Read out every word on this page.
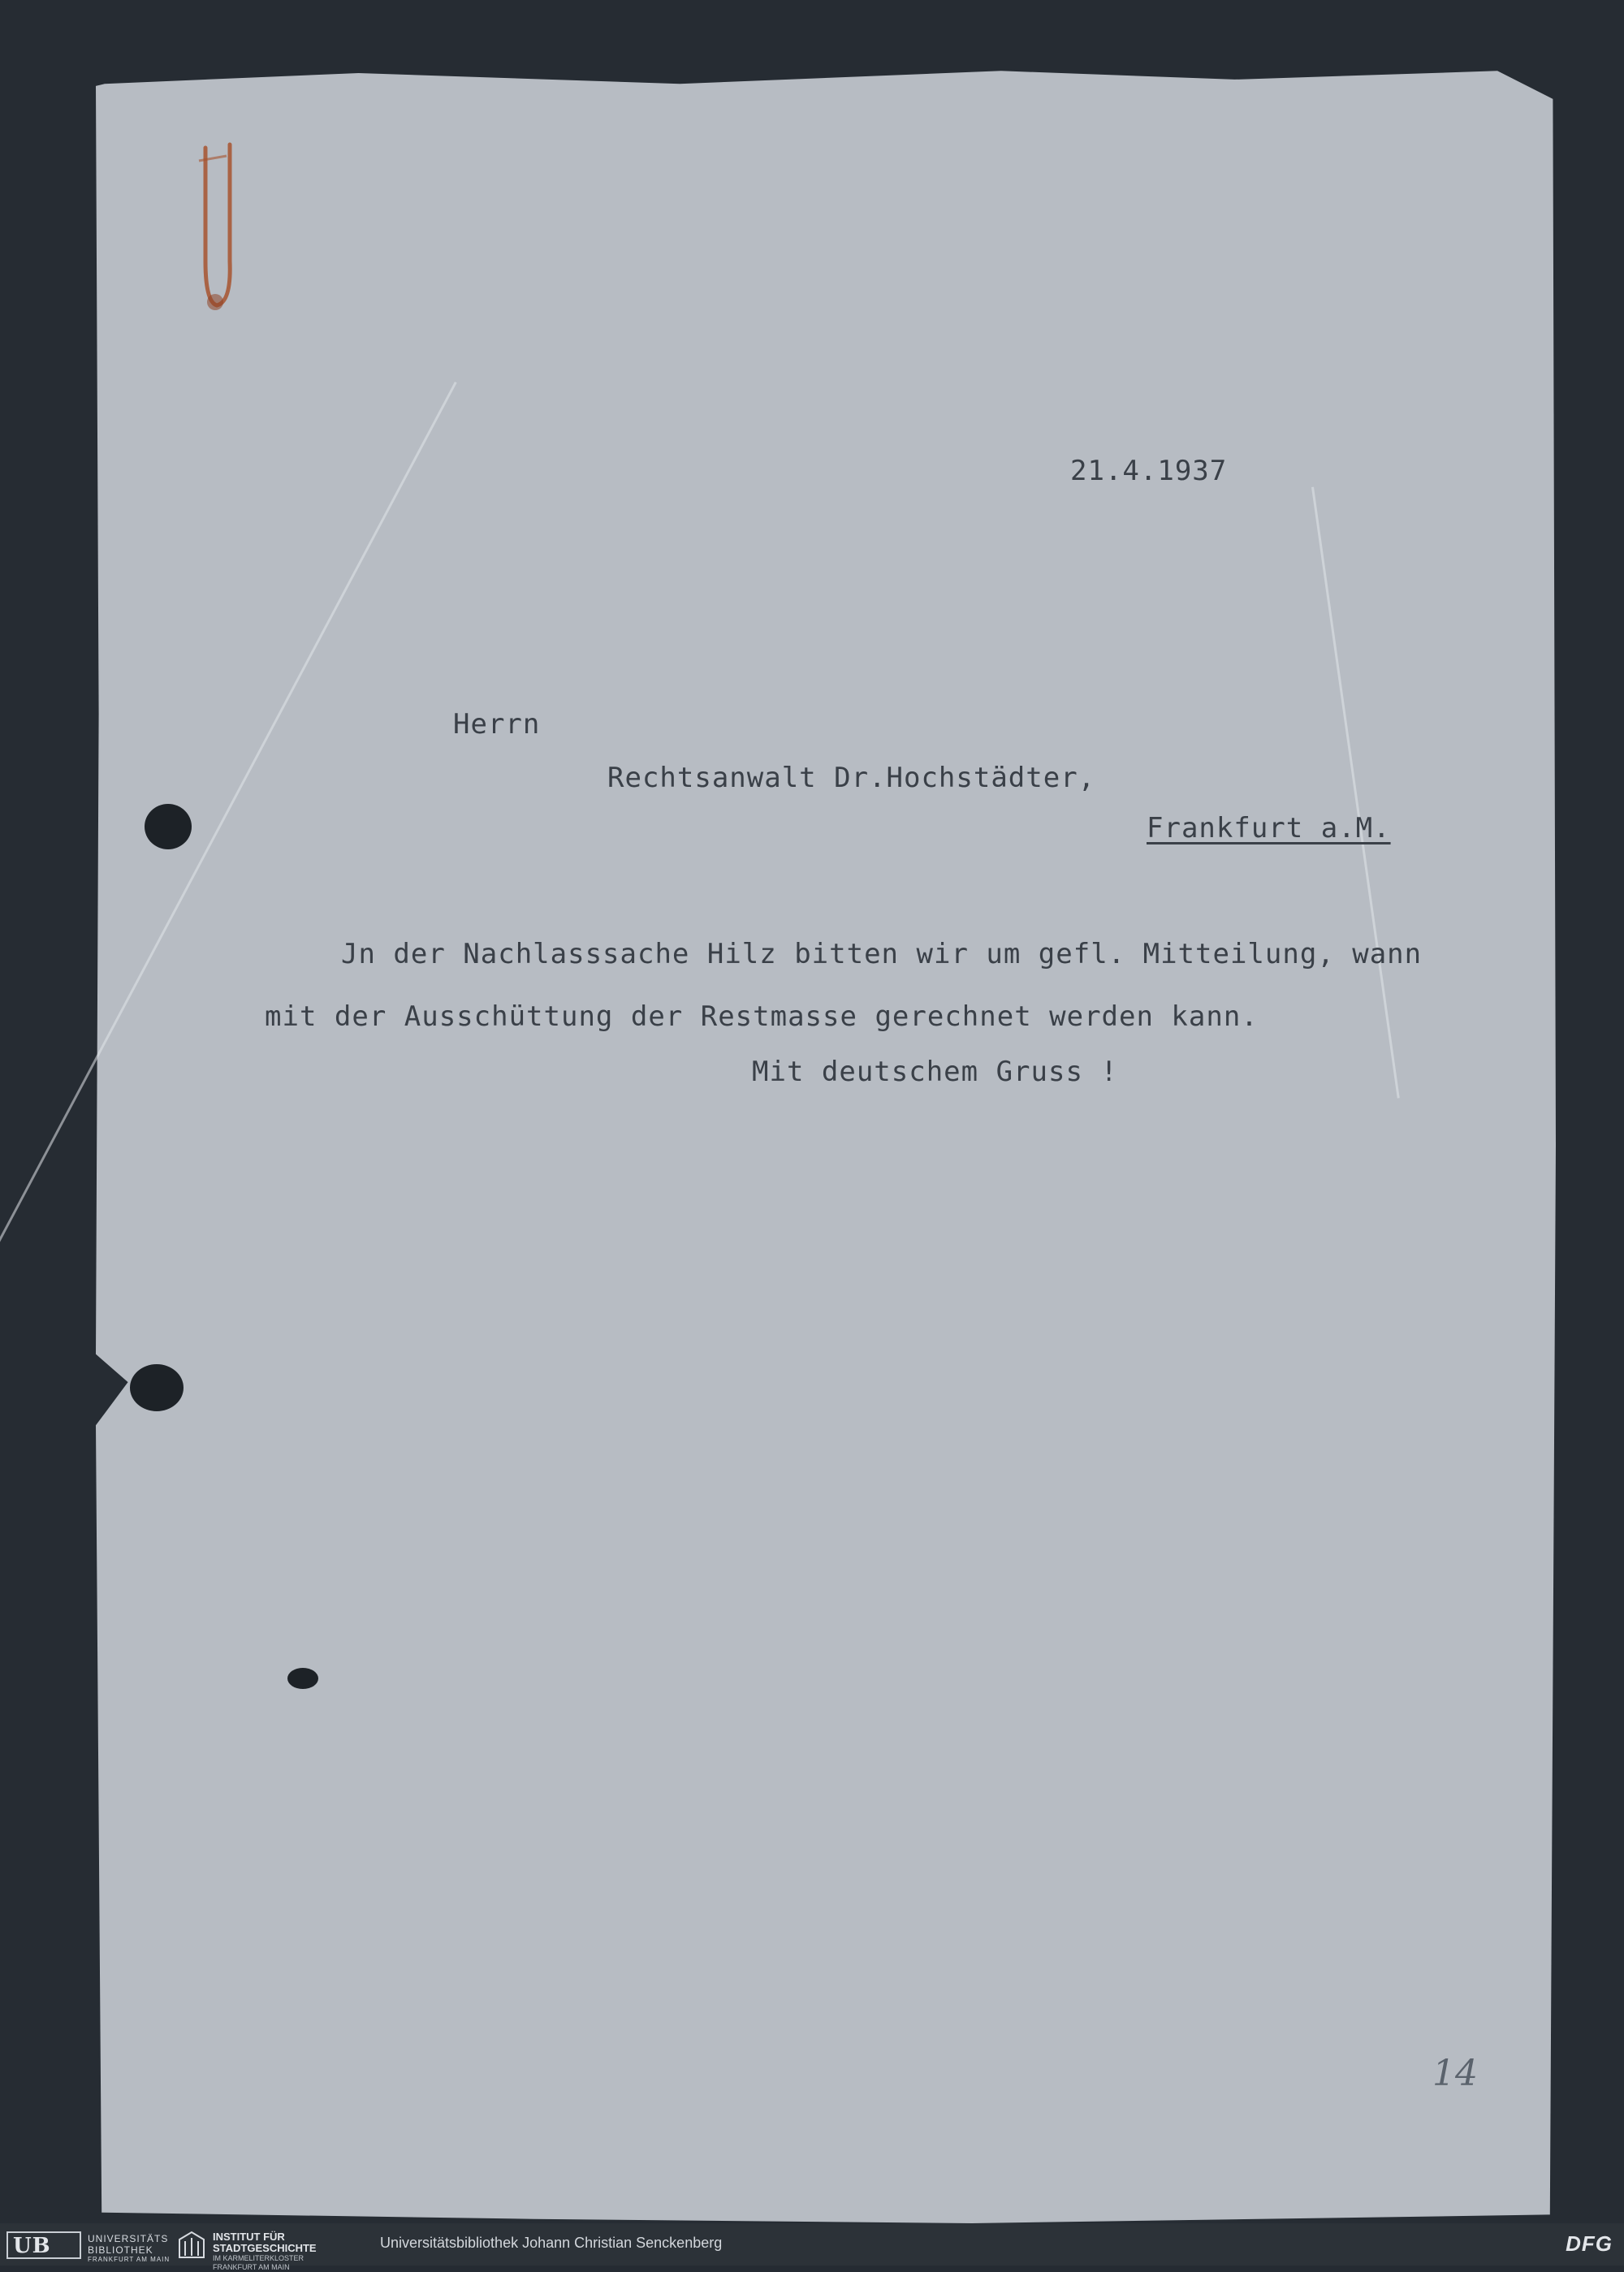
21.4.1937

Herrn

Rechtsanwalt Dr.Hochstädter,

Frankfurt a.M.

Jn der Nachlasssache Hilz bitten wir um gefl. Mitteilung, wann

mit der Ausschüttung der Restmasse gerechnet werden kann.

Mit deutschem Gruss !

14

UB	UNIVERSITÄTS
BIBLIOTHEK
FRANKFURT AM MAIN
INSTITUT FÜR
STADTGESCHICHTE
IM KARMELITERKLOSTER
FRANKFURT AM MAIN
Universitätsbibliothek Johann Christian Senckenberg	DFG
